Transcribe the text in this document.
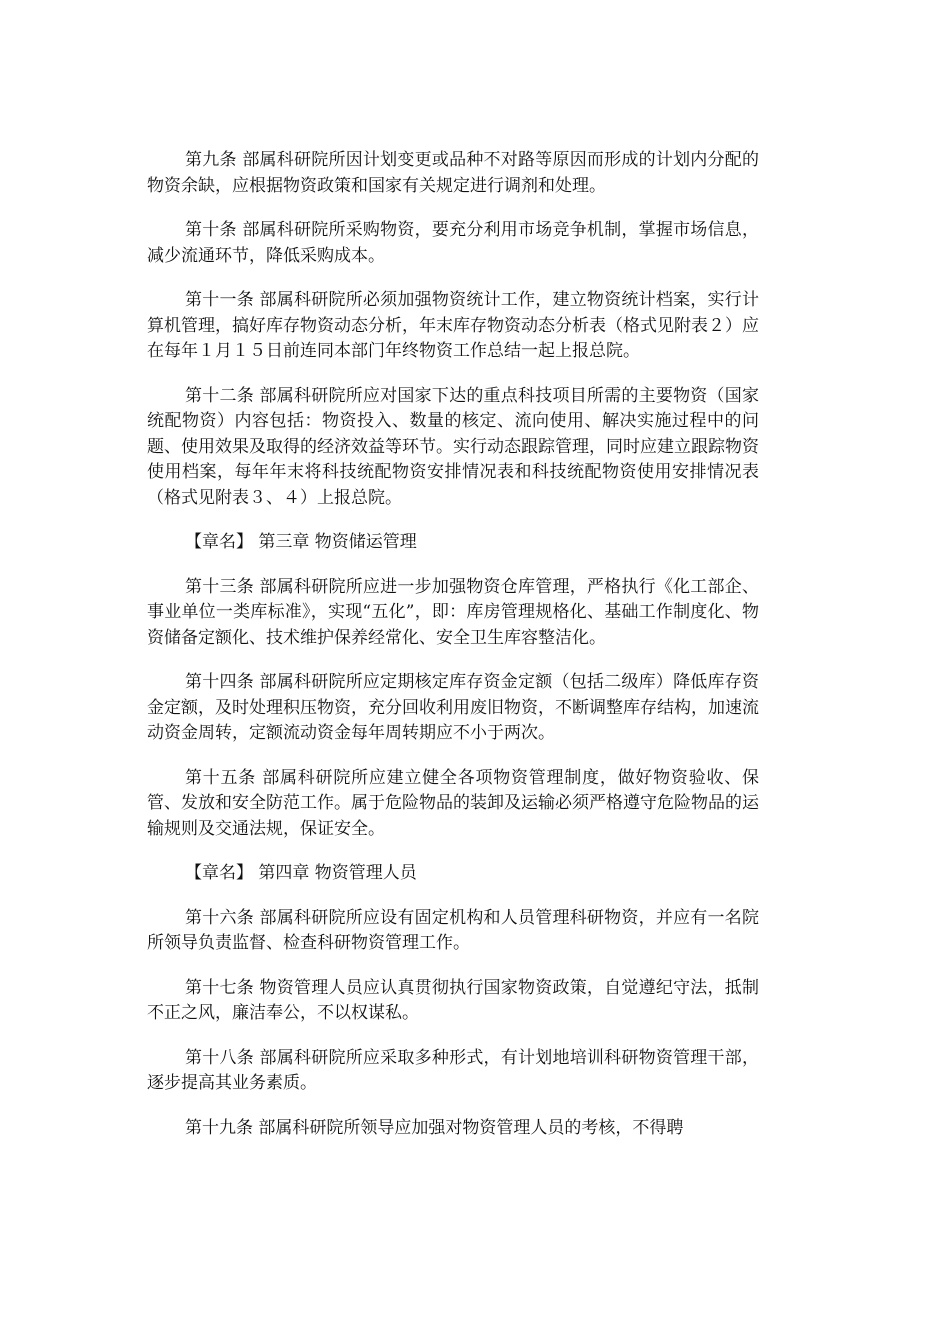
第九条 部属科研院所因计划变更或品种不对路等原因而形成的计划内分配的物资余缺，应根据物资政策和国家有关规定进行调剂和处理。

第十条 部属科研院所采购物资，要充分利用市场竞争机制，掌握市场信息，减少流通环节，降低采购成本。

第十一条 部属科研院所必须加强物资统计工作，建立物资统计档案，实行计算机管理，搞好库存物资动态分析，年末库存物资动态分析表（格式见附表２）应在每年１月１５日前连同本部门年终物资工作总结一起上报总院。

第十二条 部属科研院所应对国家下达的重点科技项目所需的主要物资（国家统配物资）内容包括：物资投入、数量的核定、流向使用、解决实施过程中的问题、使用效果及取得的经济效益等环节。实行动态跟踪管理，同时应建立跟踪物资使用档案，每年年末将科技统配物资安排情况表和科技统配物资使用安排情况表（格式见附表３、４）上报总院。

【章名】 第三章 物资储运管理

第十三条 部属科研院所应进一步加强物资仓库管理，严格执行《化工部企、事业单位一类库标准》，实现“五化”，即：库房管理规格化、基础工作制度化、物资储备定额化、技术维护保养经常化、安全卫生库容整洁化。

第十四条 部属科研院所应定期核定库存资金定额（包括二级库）降低库存资金定额，及时处理积压物资，充分回收利用废旧物资，不断调整库存结构，加速流动资金周转，定额流动资金每年周转期应不小于两次。

第十五条 部属科研院所应建立健全各项物资管理制度，做好物资验收、保管、发放和安全防范工作。属于危险物品的装卸及运输必须严格遵守危险物品的运输规则及交通法规，保证安全。

【章名】 第四章 物资管理人员

第十六条 部属科研院所应设有固定机构和人员管理科研物资，并应有一名院所领导负责监督、检查科研物资管理工作。

第十七条 物资管理人员应认真贯彻执行国家物资政策，自觉遵纪守法，抵制不正之风，廉洁奉公，不以权谋私。

第十八条 部属科研院所应采取多种形式，有计划地培训科研物资管理干部，逐步提高其业务素质。

第十九条 部属科研院所领导应加强对物资管理人员的考核，不得聘
